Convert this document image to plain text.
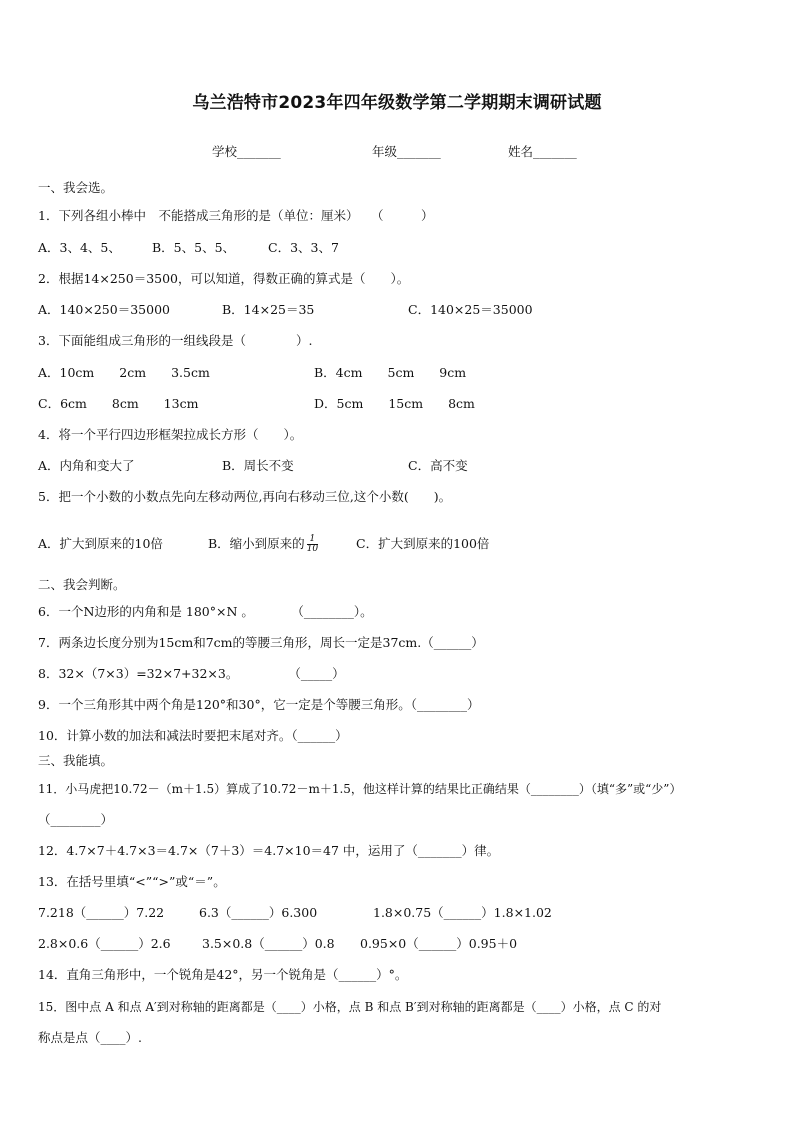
乌兰浩特市2023年四年级数学第二学期期末调研试题
学校_______	年级_______	姓名_______
一、我会选。
1．下列各组小棒中　不能搭成三角形的是（单位：厘米）　　（　　　）
A．3、4、5、 B．5、5、5、	C．3、3、7
2．根据14×250＝3500，可以知道，得数正确的算式是（　　）。
A．140×250＝35000	B．14×25＝35	C．140×25＝35000
3．下面能组成三角形的一组线段是（　　　　）.
A．10cm　　2cm　　3.5cm	B．4cm　　5cm　　9cm
C．6cm　　8cm　　13cm	D．5cm　　15cm　　8cm
4．将一个平行四边形框架拉成长方形（　　）。
A．内角和变大了	B．周长不变	C．高不变
5．把一个小数的小数点先向左移动两位,再向右移动三位,这个小数(　　)。
A．扩大到原来的10倍	B．缩小到原来的 $\frac{1}{10}$	C．扩大到原来的100倍
二、我会判断。
6．一个N边形的内角和是 180°×N 。　　　　（________）。
7．两条边长度分别为15cm和7cm的等腰三角形，周长一定是37cm.（______）
8．32×（7×3）=32×7+32×3。　　　　　（_____）
9．一个三角形其中两个角是120°和30°，它一定是个等腰三角形。（________）
10．计算小数的加法和减法时要把末尾对齐。（______）
三、我能填。
11．小马虎把10.72－（m＋1.5）算成了10.72－m＋1.5，他这样计算的结果比正确结果（________）（填“多”或“少”）
（________）
12．4.7×7＋4.7×3＝4.7×（7＋3）＝4.7×10＝47 中，运用了（_______）律。
13．在括号里填“<”“>”或“＝”。
7.218（______）7.22	6.3（______）6.300	1.8×0.75（______）1.8×1.02
2.8×0.6（______）2.6	3.5×0.8（______）0.8 0.95×0（______）0.95＋0
14．直角三角形中，一个锐角是42°，另一个锐角是（______）°。
15．图中点 A 和点 A′到对称轴的距离都是（____）小格，点 B 和点 B′到对称轴的距离都是（____）小格，点 C 的对
称点是点（____）.
